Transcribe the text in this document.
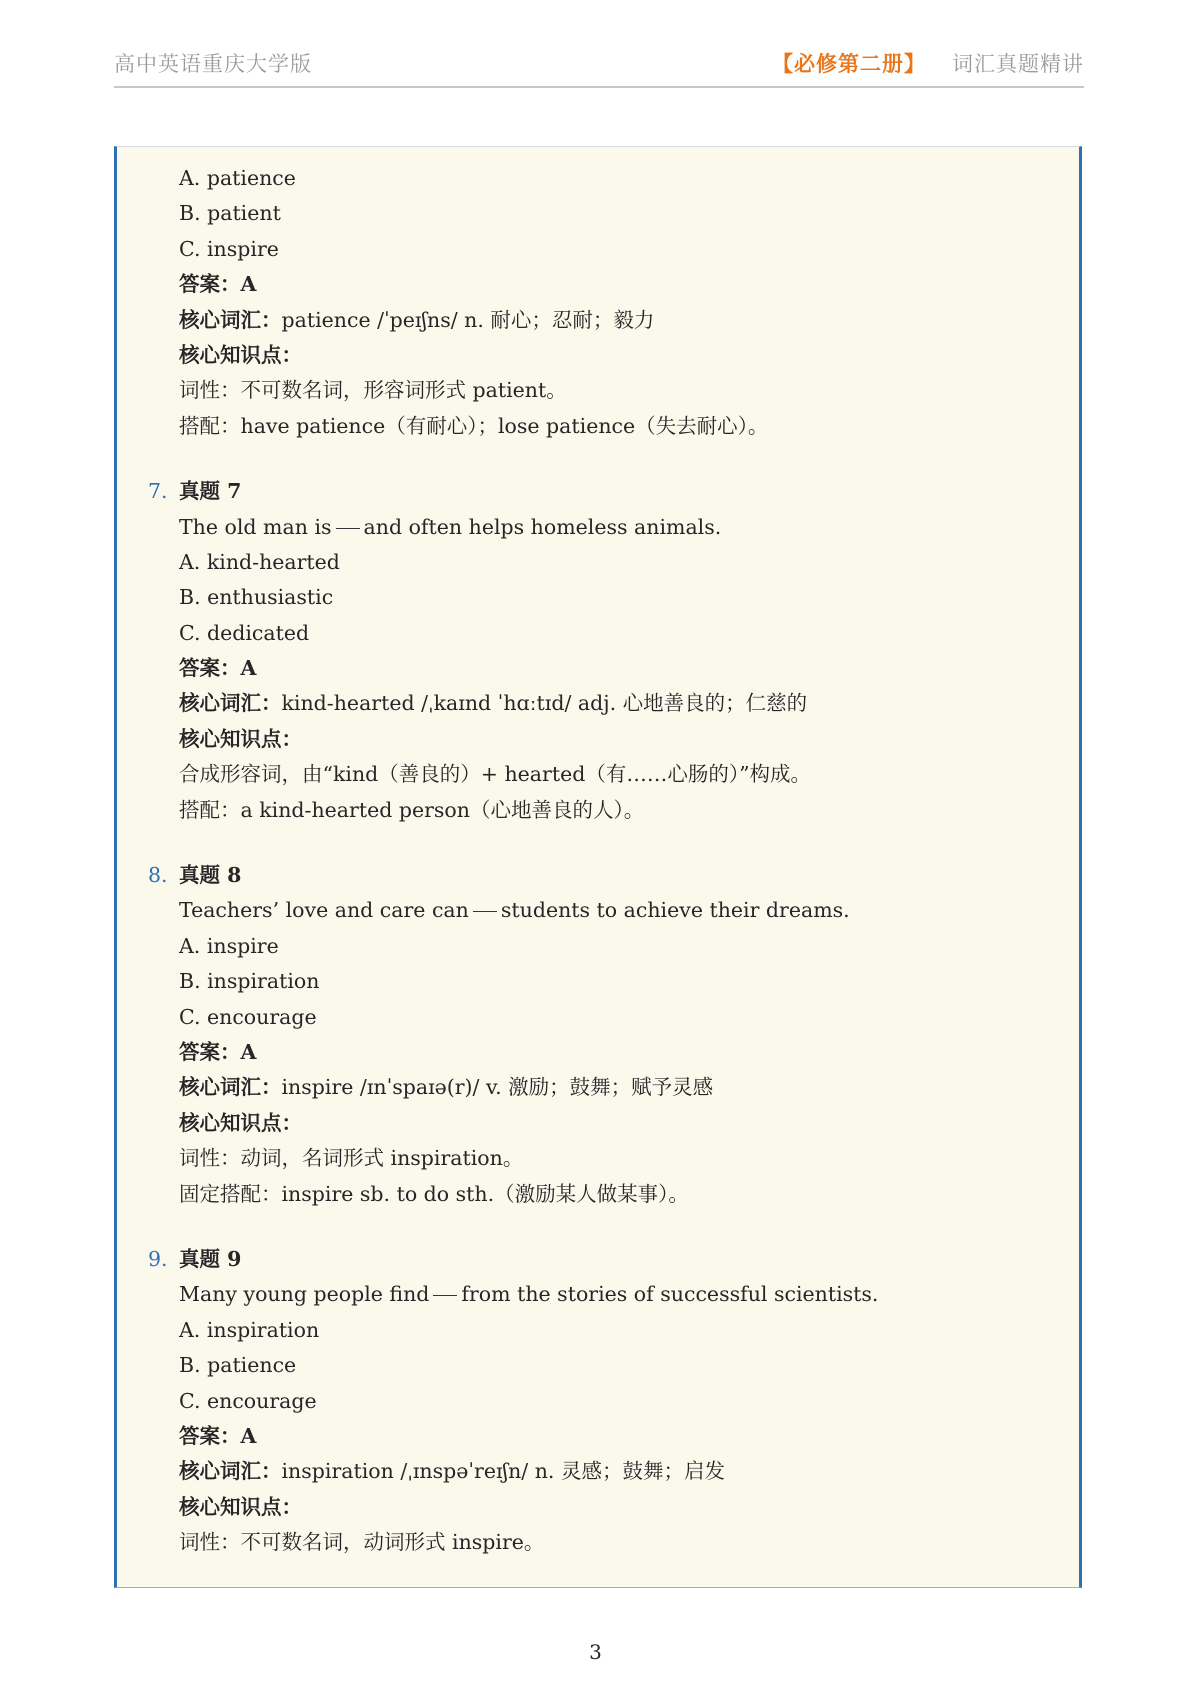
高中英语重庆大学版	【必修第二册】 词汇真题精讲
A. patience
B. patient
C. inspire
答案：A
核心词汇：patience /ˈpeɪʃns/ n. 耐心；忍耐；毅力
核心知识点：
词性：不可数名词，形容词形式 patient。
搭配：have patience（有耐心）；lose patience（失去耐心）。
7. 真题 7
The old man is and often helps homeless animals.
A. kind-hearted
B. enthusiastic
C. dedicated
答案：A
核心词汇：kind-hearted /ˌkaɪnd ˈhɑːtɪd/ adj. 心地善良的；仁慈的
核心知识点：
合成形容词，由“kind（善良的）+ hearted（有……心肠的）”构成。
搭配：a kind-hearted person（心地善良的人）。
8. 真题 8
Teachers’ love and care can students to achieve their dreams.
A. inspire
B. inspiration
C. encourage
答案：A
核心词汇：inspire /ɪnˈspaɪə(r)/ v. 激励；鼓舞；赋予灵感
核心知识点：
词性：动词，名词形式 inspiration。
固定搭配：inspire sb. to do sth.（激励某人做某事）。
9. 真题 9
Many young people find from the stories of successful scientists.
A. inspiration
B. patience
C. encourage
答案：A
核心词汇：inspiration /ˌɪnspəˈreɪʃn/ n. 灵感；鼓舞；启发
核心知识点：
词性：不可数名词，动词形式 inspire。
3
